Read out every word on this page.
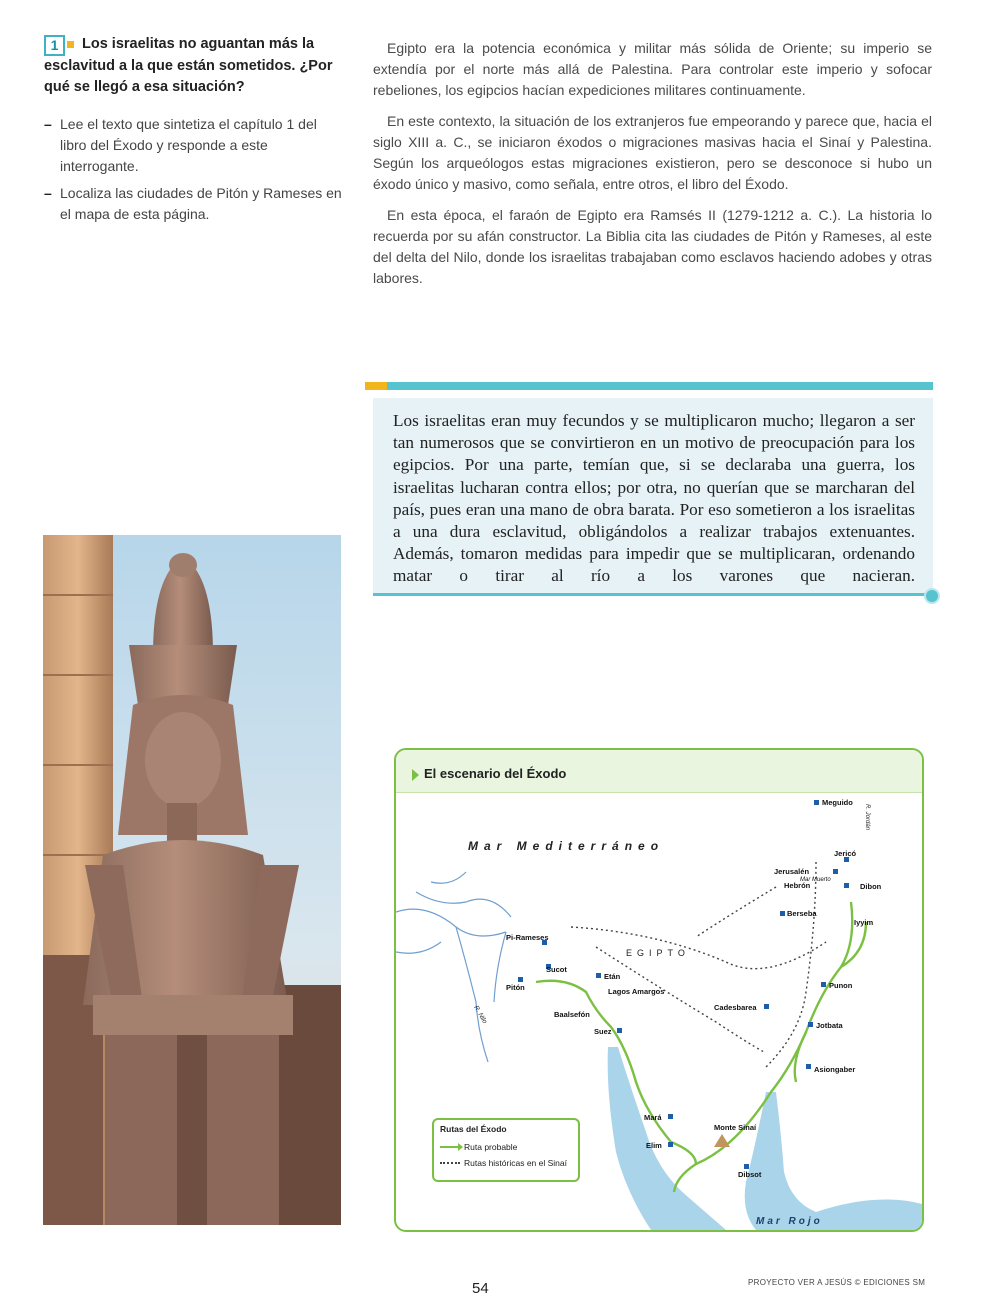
1 Los israelitas no aguantan más la esclavitud a la que están sometidos. ¿Por qué se llegó a esa situación?
– Lee el texto que sintetiza el capítulo 1 del libro del Éxodo y responde a este interrogante.
– Localiza las ciudades de Pitón y Rameses en el mapa de esta página.

Egipto era la potencia económica y militar más sólida de Oriente; su imperio se extendía por el norte más allá de Palestina. Para controlar este imperio y sofocar rebeliones, los egipcios hacían expediciones militares continuamente.

En este contexto, la situación de los extranjeros fue empeorando y parece que, hacia el siglo XIII a. C., se iniciaron éxodos o migraciones masivas hacia el Sinaí y Palestina. Según los arqueólogos estas migraciones existieron, pero se desconoce si hubo un éxodo único y masivo, como señala, entre otros, el libro del Éxodo.

En esta época, el faraón de Egipto era Ramsés II (1279-1212 a. C.). La historia lo recuerda por su afán constructor. La Biblia cita las ciudades de Pitón y Rameses, al este del delta del Nilo, donde los israelitas trabajaban como esclavos haciendo adobes y otras labores.

Los israelitas eran muy fecundos y se multiplicaron mucho; llegaron a ser tan numerosos que se convirtieron en un motivo de preocupación para los egipcios. Por una parte, temían que, si se declaraba una guerra, los israelitas lucharan contra ellos; por otra, no querían que se marcharan del país, pues eran una mano de obra barata. Por eso sometieron a los israelitas a una dura esclavitud, obligándolos a realizar trabajos extenuantes. Además, tomaron medidas para impedir que se multiplicaran, ordenando matar o tirar al río a los varones que nacieran.

El escenario del Éxodo
Meguido
Jericó
Jerusalén
Hebrón	Dibon
Berseba
Iyyim
Pi-Rameses
Sucot
Pitón
Etán
Lagos Amargos
Baalsefón
Suez
Cadesbarea
Punon
Jotbata
Asiongaber
Mará
Elim
Monte Sinaí
Dibsot
Mar Muerto
Mar Mediterráneo
EGIPTO
Mar Rojo
R. Nilo
R. Jordán
Rutas del Éxodo
Ruta probable
Rutas históricas en el Sinaí
54	PROYECTO VER A JESÚS © EDICIONES SM
